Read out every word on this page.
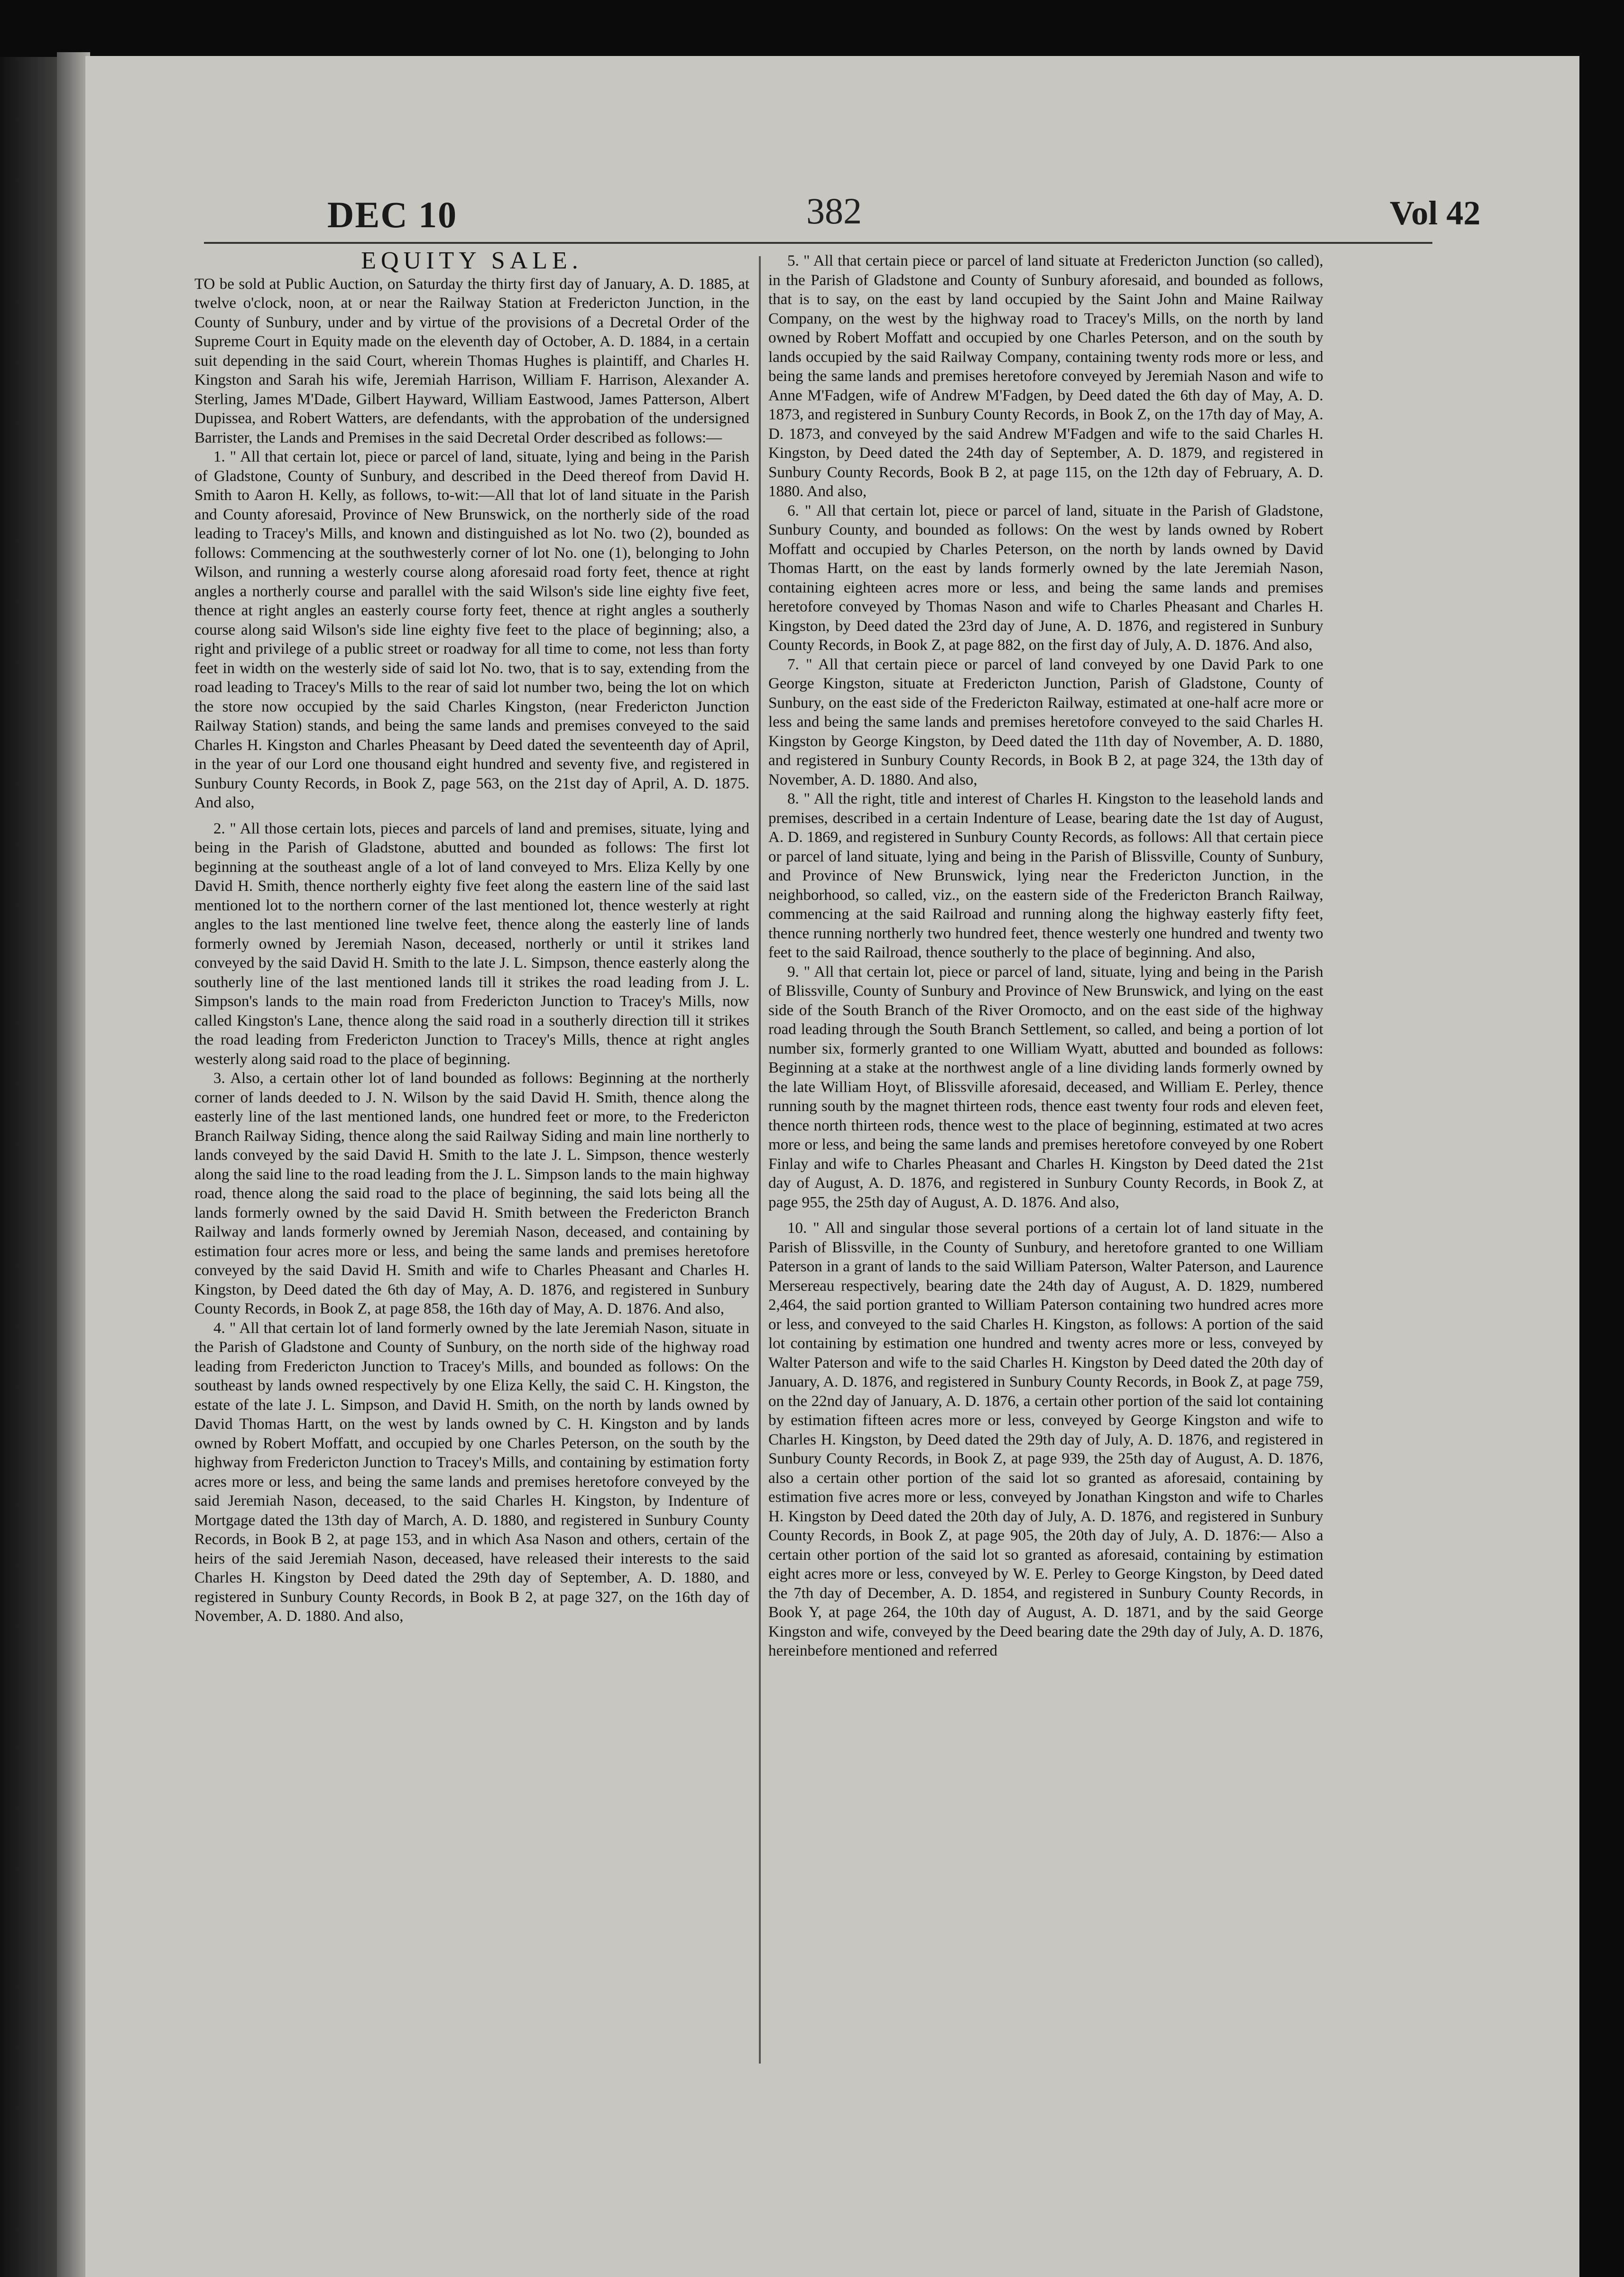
DEC 10	382	Vol 42
EQUITY SALE.

TO be sold at Public Auction, on Saturday the thirty first day of January, A. D. 1885, at twelve o'clock, noon, at or near the Railway Station at Fredericton Junction, in the County of Sunbury, under and by virtue of the provisions of a Decretal Order of the Supreme Court in Equity made on the eleventh day of October, A. D. 1884, in a certain suit depending in the said Court, wherein Thomas Hughes is plaintiff, and Charles H. Kingston and Sarah his wife, Jeremiah Harrison, William F. Harrison, Alexander A. Sterling, James M'Dade, Gilbert Hayward, William Eastwood, James Patterson, Albert Dupissea, and Robert Watters, are defendants, with the approbation of the undersigned Barrister, the Lands and Premises in the said Decretal Order described as follows:—

1. " All that certain lot, piece or parcel of land, situate, lying and being in the Parish of Gladstone, County of Sunbury, and described in the Deed thereof from David H. Smith to Aaron H. Kelly, as follows, to-wit:—All that lot of land situate in the Parish and County aforesaid, Province of New Brunswick, on the northerly side of the road leading to Tracey's Mills, and known and distinguished as lot No. two (2), bounded as follows: Commencing at the southwesterly corner of lot No. one (1), belonging to John Wilson, and running a westerly course along aforesaid road forty feet, thence at right angles a northerly course and parallel with the said Wilson's side line eighty five feet, thence at right angles an easterly course forty feet, thence at right angles a southerly course along said Wilson's side line eighty five feet to the place of beginning; also, a right and privilege of a public street or roadway for all time to come, not less than forty feet in width on the westerly side of said lot No. two, that is to say, extending from the road leading to Tracey's Mills to the rear of said lot number two, being the lot on which the store now occupied by the said Charles Kingston, (near Fredericton Junction Railway Station) stands, and being the same lands and premises conveyed to the said Charles H. Kingston and Charles Pheasant by Deed dated the seventeenth day of April, in the year of our Lord one thousand eight hundred and seventy five, and registered in Sunbury County Records, in Book Z, page 563, on the 21st day of April, A. D. 1875. And also,

2. " All those certain lots, pieces and parcels of land and premises, situate, lying and being in the Parish of Gladstone, abutted and bounded as follows: The first lot beginning at the southeast angle of a lot of land conveyed to Mrs. Eliza Kelly by one David H. Smith, thence northerly eighty five feet along the eastern line of the said last mentioned lot to the northern corner of the last mentioned lot, thence westerly at right angles to the last mentioned line twelve feet, thence along the easterly line of lands formerly owned by Jeremiah Nason, deceased, northerly or until it strikes land conveyed by the said David H. Smith to the late J. L. Simpson, thence easterly along the southerly line of the last mentioned lands till it strikes the road leading from J. L. Simpson's lands to the main road from Fredericton Junction to Tracey's Mills, now called Kingston's Lane, thence along the said road in a southerly direction till it strikes the road leading from Fredericton Junction to Tracey's Mills, thence at right angles westerly along said road to the place of beginning.

3. Also, a certain other lot of land bounded as follows: Beginning at the northerly corner of lands deeded to J. N. Wilson by the said David H. Smith, thence along the easterly line of the last mentioned lands, one hundred feet or more, to the Fredericton Branch Railway Siding, thence along the said Railway Siding and main line northerly to lands conveyed by the said David H. Smith to the late J. L. Simpson, thence westerly along the said line to the road leading from the J. L. Simpson lands to the main highway road, thence along the said road to the place of beginning, the said lots being all the lands formerly owned by the said David H. Smith between the Fredericton Branch Railway and lands formerly owned by Jeremiah Nason, deceased, and containing by estimation four acres more or less, and being the same lands and premises heretofore conveyed by the said David H. Smith and wife to Charles Pheasant and Charles H. Kingston, by Deed dated the 6th day of May, A. D. 1876, and registered in Sunbury County Records, in Book Z, at page 858, the 16th day of May, A. D. 1876. And also,

4. " All that certain lot of land formerly owned by the late Jeremiah Nason, situate in the Parish of Gladstone and County of Sunbury, on the north side of the highway road leading from Fredericton Junction to Tracey's Mills, and bounded as follows: On the southeast by lands owned respectively by one Eliza Kelly, the said C. H. Kingston, the estate of the late J. L. Simpson, and David H. Smith, on the north by lands owned by David Thomas Hartt, on the west by lands owned by C. H. Kingston and by lands owned by Robert Moffatt, and occupied by one Charles Peterson, on the south by the highway from Fredericton Junction to Tracey's Mills, and containing by estimation forty acres more or less, and being the same lands and premises heretofore conveyed by the said Jeremiah Nason, deceased, to the said Charles H. Kingston, by Indenture of Mortgage dated the 13th day of March, A. D. 1880, and registered in Sunbury County Records, in Book B 2, at page 153, and in which Asa Nason and others, certain of the heirs of the said Jeremiah Nason, deceased, have released their interests to the said Charles H. Kingston by Deed dated the 29th day of September, A. D. 1880, and registered in Sunbury County Records, in Book B 2, at page 327, on the 16th day of November, A. D. 1880. And also,

5. " All that certain piece or parcel of land situate at Fredericton Junction (so called), in the Parish of Gladstone and County of Sunbury aforesaid, and bounded as follows, that is to say, on the east by land occupied by the Saint John and Maine Railway Company, on the west by the highway road to Tracey's Mills, on the north by land owned by Robert Moffatt and occupied by one Charles Peterson, and on the south by lands occupied by the said Railway Company, containing twenty rods more or less, and being the same lands and premises heretofore conveyed by Jeremiah Nason and wife to Anne M'Fadgen, wife of Andrew M'Fadgen, by Deed dated the 6th day of May, A. D. 1873, and registered in Sunbury County Records, in Book Z, on the 17th day of May, A. D. 1873, and conveyed by the said Andrew M'Fadgen and wife to the said Charles H. Kingston, by Deed dated the 24th day of September, A. D. 1879, and registered in Sunbury County Records, Book B 2, at page 115, on the 12th day of February, A. D. 1880. And also,

6. " All that certain lot, piece or parcel of land, situate in the Parish of Gladstone, Sunbury County, and bounded as follows: On the west by lands owned by Robert Moffatt and occupied by Charles Peterson, on the north by lands owned by David Thomas Hartt, on the east by lands formerly owned by the late Jeremiah Nason, containing eighteen acres more or less, and being the same lands and premises heretofore conveyed by Thomas Nason and wife to Charles Pheasant and Charles H. Kingston, by Deed dated the 23rd day of June, A. D. 1876, and registered in Sunbury County Records, in Book Z, at page 882, on the first day of July, A. D. 1876. And also,

7. " All that certain piece or parcel of land conveyed by one David Park to one George Kingston, situate at Fredericton Junction, Parish of Gladstone, County of Sunbury, on the east side of the Fredericton Railway, estimated at one-half acre more or less and being the same lands and premises heretofore conveyed to the said Charles H. Kingston by George Kingston, by Deed dated the 11th day of November, A. D. 1880, and registered in Sunbury County Records, in Book B 2, at page 324, the 13th day of November, A. D. 1880. And also,

8. " All the right, title and interest of Charles H. Kingston to the leasehold lands and premises, described in a certain Indenture of Lease, bearing date the 1st day of August, A. D. 1869, and registered in Sunbury County Records, as follows: All that certain piece or parcel of land situate, lying and being in the Parish of Blissville, County of Sunbury, and Province of New Brunswick, lying near the Fredericton Junction, in the neighborhood, so called, viz., on the eastern side of the Fredericton Branch Railway, commencing at the said Railroad and running along the highway easterly fifty feet, thence running northerly two hundred feet, thence westerly one hundred and twenty two feet to the said Railroad, thence southerly to the place of beginning. And also,

9. " All that certain lot, piece or parcel of land, situate, lying and being in the Parish of Blissville, County of Sunbury and Province of New Brunswick, and lying on the east side of the South Branch of the River Oromocto, and on the east side of the highway road leading through the South Branch Settlement, so called, and being a portion of lot number six, formerly granted to one William Wyatt, abutted and bounded as follows: Beginning at a stake at the northwest angle of a line dividing lands formerly owned by the late William Hoyt, of Blissville aforesaid, deceased, and William E. Perley, thence running south by the magnet thirteen rods, thence east twenty four rods and eleven feet, thence north thirteen rods, thence west to the place of beginning, estimated at two acres more or less, and being the same lands and premises heretofore conveyed by one Robert Finlay and wife to Charles Pheasant and Charles H. Kingston by Deed dated the 21st day of August, A. D. 1876, and registered in Sunbury County Records, in Book Z, at page 955, the 25th day of August, A. D. 1876. And also,

10. " All and singular those several portions of a certain lot of land situate in the Parish of Blissville, in the County of Sunbury, and heretofore granted to one William Paterson in a grant of lands to the said William Paterson, Walter Paterson, and Laurence Mersereau respectively, bearing date the 24th day of August, A. D. 1829, numbered 2,464, the said portion granted to William Paterson containing two hundred acres more or less, and conveyed to the said Charles H. Kingston, as follows: A portion of the said lot containing by estimation one hundred and twenty acres more or less, conveyed by Walter Paterson and wife to the said Charles H. Kingston by Deed dated the 20th day of January, A. D. 1876, and registered in Sunbury County Records, in Book Z, at page 759, on the 22nd day of January, A. D. 1876, a certain other portion of the said lot containing by estimation fifteen acres more or less, conveyed by George Kingston and wife to Charles H. Kingston, by Deed dated the 29th day of July, A. D. 1876, and registered in Sunbury County Records, in Book Z, at page 939, the 25th day of August, A. D. 1876, also a certain other portion of the said lot so granted as aforesaid, containing by estimation five acres more or less, conveyed by Jonathan Kingston and wife to Charles H. Kingston by Deed dated the 20th day of July, A. D. 1876, and registered in Sunbury County Records, in Book Z, at page 905, the 20th day of July, A. D. 1876:— Also a certain other portion of the said lot so granted as aforesaid, containing by estimation eight acres more or less, conveyed by W. E. Perley to George Kingston, by Deed dated the 7th day of December, A. D. 1854, and registered in Sunbury County Records, in Book Y, at page 264, the 10th day of August, A. D. 1871, and by the said George Kingston and wife, conveyed by the Deed bearing date the 29th day of July, A. D. 1876, hereinbefore mentioned and referred
